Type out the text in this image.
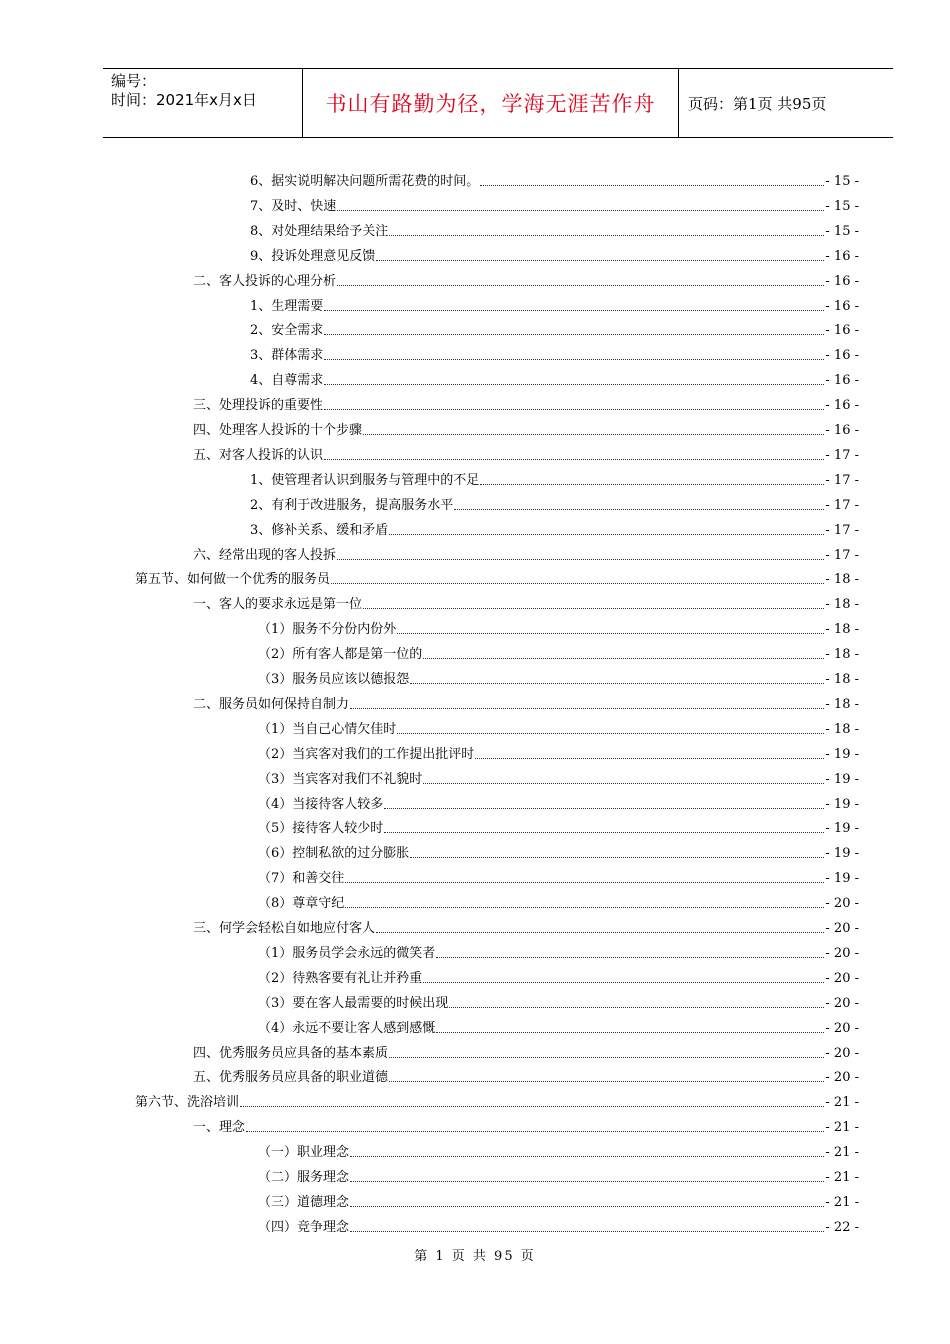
编号：
时间：2021年x月x日	书山有路勤为径，学海无涯苦作舟	页码：第1页 共95页
6、据实说明解决问题所需花费的时间。	- 15 -
7、及时、快速	- 15 -
8、对处理结果给予关注	- 15 -
9、投诉处理意见反馈	- 16 -
二、客人投诉的心理分析	- 16 -
1、生理需要	- 16 -
2、安全需求	- 16 -
3、群体需求	- 16 -
4、自尊需求	- 16 -
三、处理投诉的重要性	- 16 -
四、处理客人投诉的十个步骤	- 16 -
五、对客人投诉的认识	- 17 -
1、使管理者认识到服务与管理中的不足	- 17 -
2、有利于改进服务，提高服务水平	- 17 -
3、修补关系、缓和矛盾	- 17 -
六、经常出现的客人投拆	- 17 -
第五节、如何做一个优秀的服务员	- 18 -
一、客人的要求永远是第一位	- 18 -
（1）服务不分份内份外	- 18 -
（2）所有客人都是第一位的	- 18 -
（3）服务员应该以德报怨	- 18 -
二、服务员如何保持自制力	- 18 -
（1）当自己心情欠佳时	- 18 -
（2）当宾客对我们的工作提出批评时	- 19 -
（3）当宾客对我们不礼貌时	- 19 -
（4）当接待客人较多	- 19 -
（5）接待客人较少时	- 19 -
（6）控制私欲的过分膨胀	- 19 -
（7）和善交往	- 19 -
（8）尊章守纪	- 20 -
三、何学会轻松自如地应付客人	- 20 -
（1）服务员学会永远的微笑者	- 20 -
（2）待熟客要有礼让并矜重	- 20 -
（3）要在客人最需要的时候出现	- 20 -
（4）永远不要让客人感到感慨	- 20 -
四、优秀服务员应具备的基本素质	- 20 -
五、优秀服务员应具备的职业道德	- 20 -
第六节、洗浴培训	- 21 -
一、理念	- 21 -
（一）职业理念	- 21 -
（二）服务理念	- 21 -
（三）道德理念	- 21 -
（四）竞争理念	- 22 -
第 1 页 共 95 页
